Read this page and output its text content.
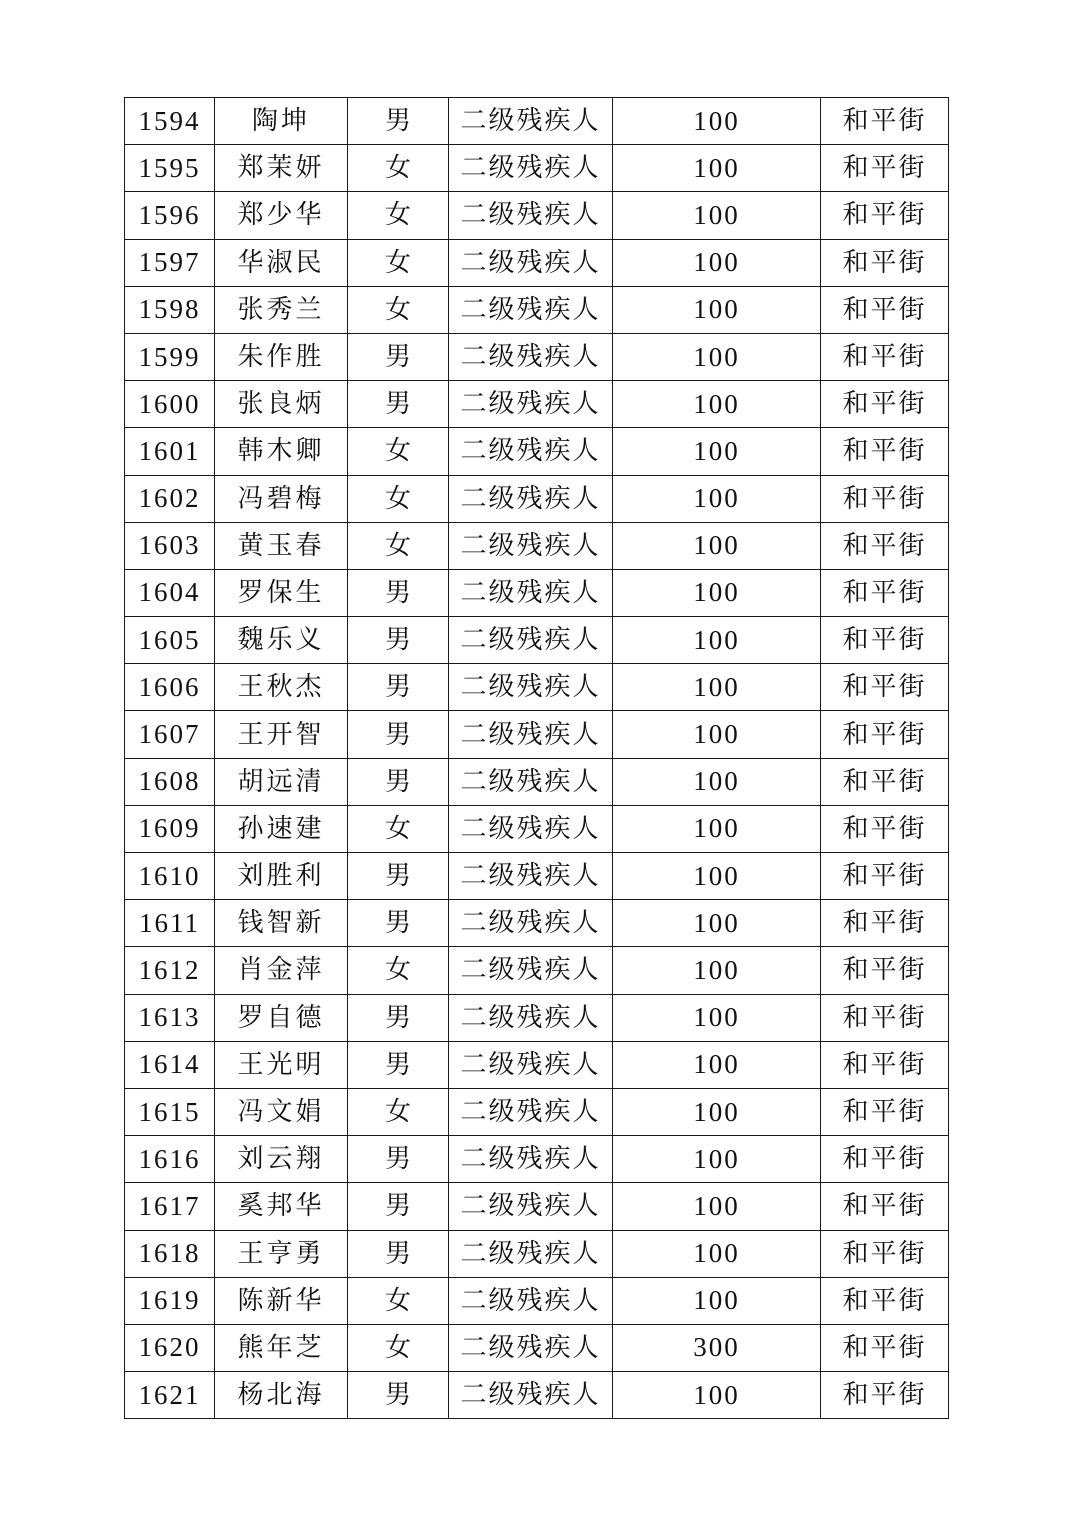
1594	陶坤	男	二级残疾人	100	和平街
1595	郑茉妍	女	二级残疾人	100	和平街
1596	郑少华	女	二级残疾人	100	和平街
1597	华淑民	女	二级残疾人	100	和平街
1598	张秀兰	女	二级残疾人	100	和平街
1599	朱作胜	男	二级残疾人	100	和平街
1600	张良炳	男	二级残疾人	100	和平街
1601	韩木卿	女	二级残疾人	100	和平街
1602	冯碧梅	女	二级残疾人	100	和平街
1603	黄玉春	女	二级残疾人	100	和平街
1604	罗保生	男	二级残疾人	100	和平街
1605	魏乐义	男	二级残疾人	100	和平街
1606	王秋杰	男	二级残疾人	100	和平街
1607	王开智	男	二级残疾人	100	和平街
1608	胡远清	男	二级残疾人	100	和平街
1609	孙速建	女	二级残疾人	100	和平街
1610	刘胜利	男	二级残疾人	100	和平街
1611	钱智新	男	二级残疾人	100	和平街
1612	肖金萍	女	二级残疾人	100	和平街
1613	罗自德	男	二级残疾人	100	和平街
1614	王光明	男	二级残疾人	100	和平街
1615	冯文娟	女	二级残疾人	100	和平街
1616	刘云翔	男	二级残疾人	100	和平街
1617	奚邦华	男	二级残疾人	100	和平街
1618	王亨勇	男	二级残疾人	100	和平街
1619	陈新华	女	二级残疾人	100	和平街
1620	熊年芝	女	二级残疾人	300	和平街
1621	杨北海	男	二级残疾人	100	和平街
